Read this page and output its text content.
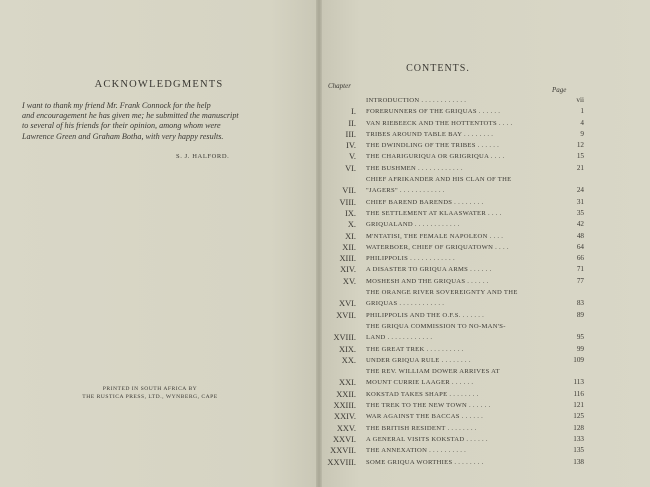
ACKNOWLEDGMENTS
I want to thank my friend Mr. Frank Connock for the help
and encouragement he has given me; he submitted the manuscript
to several of his friends for their opinion, among whom were
Lawrence Green and Graham Botha, with very happy results.
S. J. HALFORD.
PRINTED IN SOUTH AFRICA BY
THE RUSTICA PRESS, LTD., WYNBERG, CAPE
CONTENTS.
Chapter	Page
INTRODUCTION . . . . . . . . . . . .	vii
I. FORERUNNERS OF THE GRIQUAS . . . . . .	1
II. VAN RIEBEECK AND THE HOTTENTOTS . . . .	4
III. TRIBES AROUND TABLE BAY . . . . . . . .	9
IV. THE DWINDLING OF THE TRIBES . . . . . .	12
V. THE CHARIGURIQUA OR GRIGRIQUA . . . .	15
VI. THE BUSHMEN . . . . . . . . . . . .	21
VII.
CHIEF AFRIKANDER AND HIS CLAN OF THE
"JAGERS" . . . . . . . . . . . .	24
VIII. CHIEF BAREND BARENDS . . . . . . . .	31
IX. THE SETTLEMENT AT KLAASWATER . . . .	35
X. GRIQUALAND . . . . . . . . . . . .	42
XI. M'NTATISI, THE FEMALE NAPOLEON . . . .	48
XII. WATERBOER, CHIEF OF GRIQUATOWN . . . .	64
XIII. PHILIPPOLIS . . . . . . . . . . . .	66
XIV. A DISASTER TO GRIQUA ARMS . . . . . .	71
XV. MOSHESH AND THE GRIQUAS . . . . . .	77
XVI.
THE ORANGE RIVER SOVEREIGNTY AND THE
GRIQUAS . . . . . . . . . . . .	83
XVII. PHILIPPOLIS AND THE O.F.S. . . . . . .	89
XVIII.
THE GRIQUA COMMISSION TO NO-MAN'S-
LAND . . . . . . . . . . . .	95
XIX. THE GREAT TREK . . . . . . . . . .	99
XX. UNDER GRIQUA RULE . . . . . . . .	109
XXI.
THE REV. WILLIAM DOWER ARRIVES AT
MOUNT CURRIE LAAGER . . . . . .	113
XXII. KOKSTAD TAKES SHAPE . . . . . . . .	116
XXIII. THE TREK TO THE NEW TOWN . . . . . .	121
XXIV. WAR AGAINST THE BACCAS . . . . . .	125
XXV. THE BRITISH RESIDENT . . . . . . . .	128
XXVI. A GENERAL VISITS KOKSTAD . . . . . .	133
XXVII. THE ANNEXATION . . . . . . . . . .	135
XXVIII. SOME GRIQUA WORTHIES . . . . . . . .	138
